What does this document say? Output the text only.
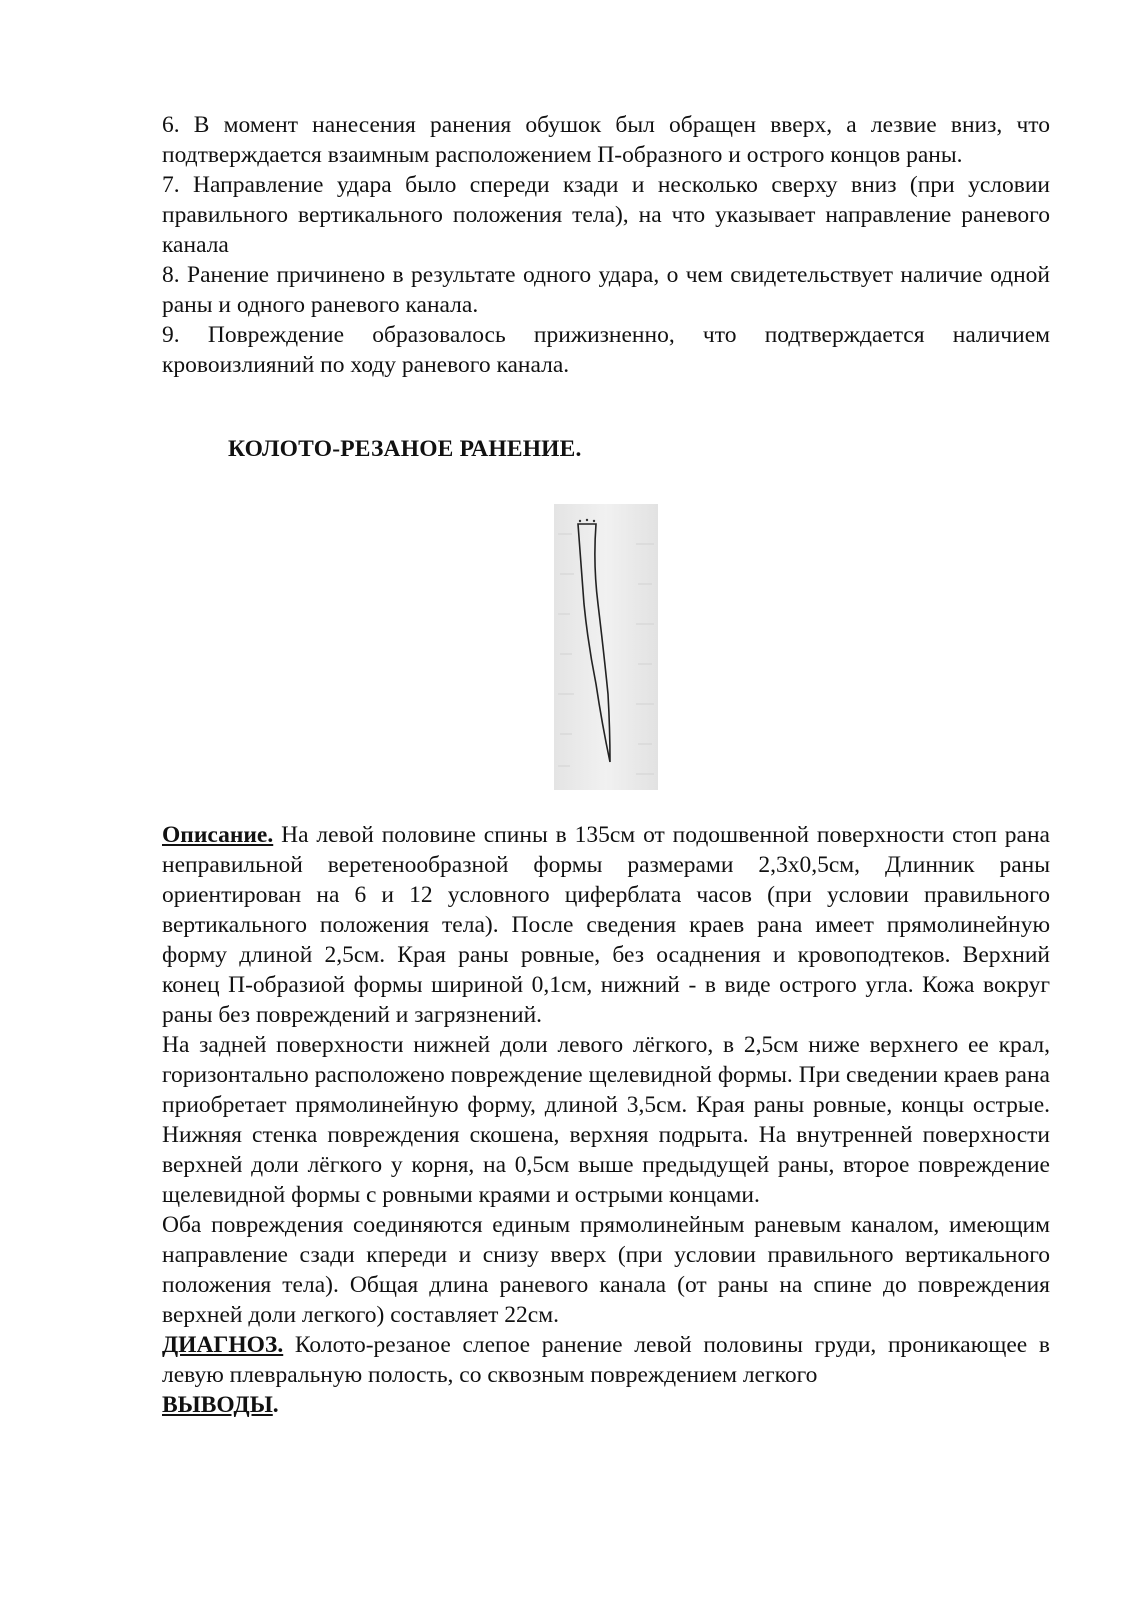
6. В момент нанесения ранения обушок был обращен вверх, а лезвие вниз, что подтверждается взаимным расположением П-образного и острого концов раны.

7. Направление удара было спереди кзади и несколько сверху вниз (при условии правильного вертикального положения тела), на что указывает направление раневого канала

8. Ранение причинено в результате одного удара, о чем свидетельствует наличие одной раны и одного раневого канала.

9. Повреждение образовалось прижизненно, что подтверждается наличием кровоизлияний по ходу раневого канала.

КОЛОТО-РЕЗАНОЕ РАНЕНИЕ.

Описание. На левой половине спины в 135см от подошвенной поверхности стоп рана неправильной веретенообразной формы размерами 2,3х0,5см, Длинник раны ориентирован на 6 и 12 условного циферблата часов (при условии правильного вертикального положения тела). После сведения краев рана имеет прямолинейную форму длиной 2,5см. Края раны ровные, без осаднения и кровоподтеков. Верхний конец П-образиой формы шириной 0,1см, нижний - в виде острого угла. Кожа вокруг раны без повреждений и загрязнений.

На задней поверхности нижней доли левого лёгкого, в 2,5см ниже верхнего ее крал, горизонтально расположено повреждение щелевидной формы. При сведении краев рана приобретает прямолинейную форму, длиной 3,5см. Края раны ровные, концы острые. Нижняя стенка повреждения скошена, верхняя подрыта. На внутренней поверхности верхней доли лёгкого у корня, на 0,5см выше предыдущей раны, второе повреждение щелевидной формы с ровными краями и острыми концами.

Оба повреждения соединяются единым прямолинейным раневым каналом, имеющим направление сзади кпереди и снизу вверх (при условии правильного вертикального положения тела). Общая длина раневого канала (от раны на спине до повреждения верхней доли легкого) составляет 22см.

ДИАГНОЗ. Колото-резаное слепое ранение левой половины груди, проникающее в левую плевральную полость, со сквозным повреждением легкого

ВЫВОДЫ.
